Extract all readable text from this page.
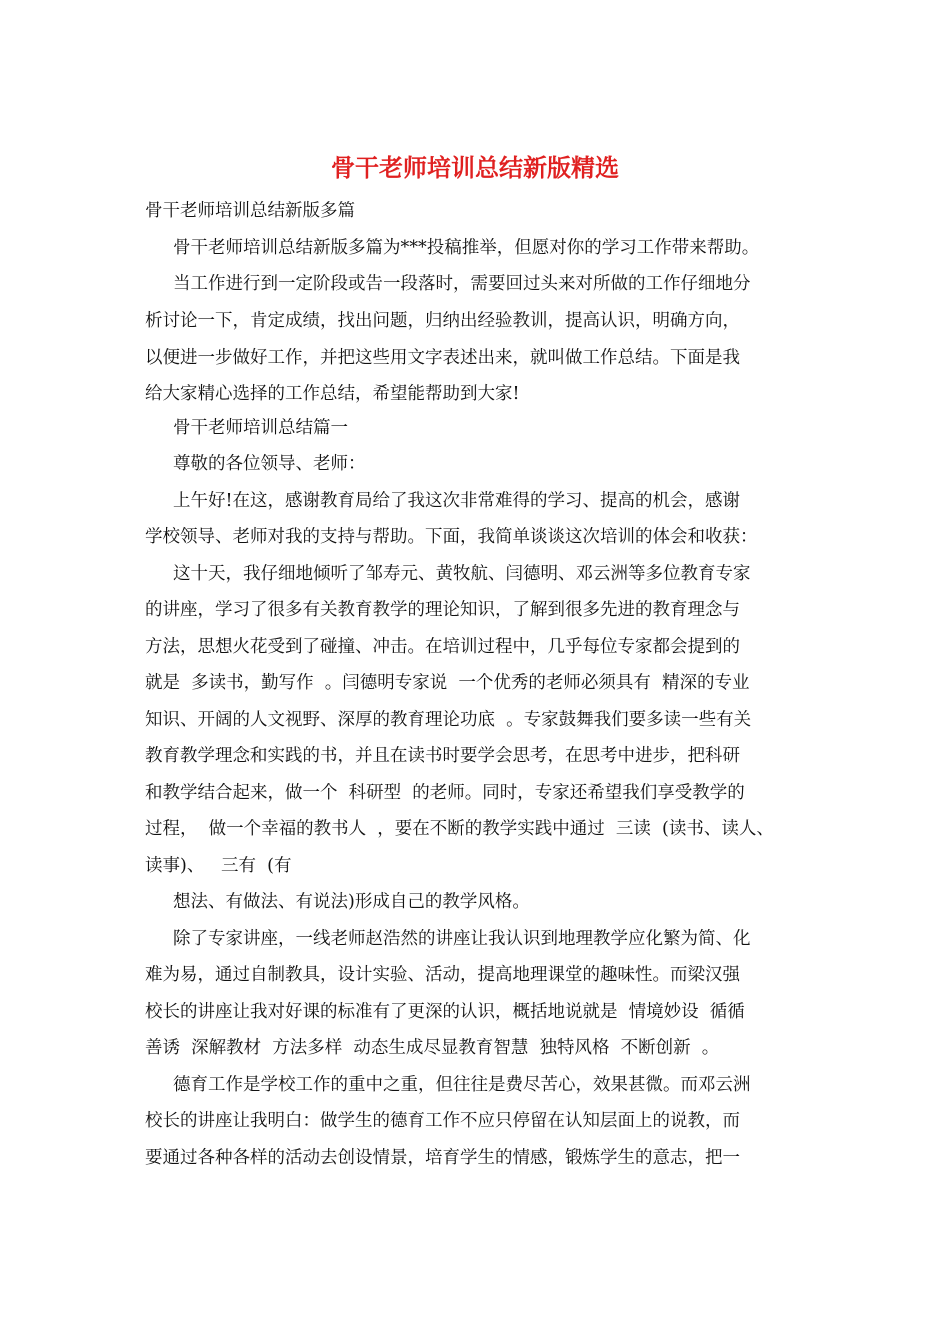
骨干老师培训总结新版精选
骨干老师培训总结新版多篇
骨干老师培训总结新版多篇为***投稿推举，但愿对你的学习工作带来帮助。
当工作进行到一定阶段或告一段落时，需要回过头来对所做的工作仔细地分
析讨论一下，肯定成绩，找出问题，归纳出经验教训，提高认识，明确方向，
以便进一步做好工作，并把这些用文字表述出来，就叫做工作总结。下面是我
给大家精心选择的工作总结，希望能帮助到大家!
骨干老师培训总结篇一
尊敬的各位领导、老师：
上午好!在这，感谢教育局给了我这次非常难得的学习、提高的机会，感谢
学校领导、老师对我的支持与帮助。下面，我简单谈谈这次培训的体会和收获：
这十天，我仔细地倾听了邹寿元、黄牧航、闫德明、邓云洲等多位教育专家
的讲座，学习了很多有关教育教学的理论知识，了解到很多先进的教育理念与
方法，思想火花受到了碰撞、冲击。在培训过程中，几乎每位专家都会提到的
就是  多读书，勤写作  。闫德明专家说  一个优秀的老师必须具有  精深的专业
知识、开阔的人文视野、深厚的教育理论功底  。专家鼓舞我们要多读一些有关
教育教学理念和实践的书，并且在读书时要学会思考，在思考中进步，把科研
和教学结合起来，做一个  科研型  的老师。同时，专家还希望我们享受教学的
过程，  做一个幸福的教书人  ，要在不断的教学实践中通过  三读  (读书、读人、
读事)、   三有  (有
想法、有做法、有说法)形成自己的教学风格。
除了专家讲座，一线老师赵浩然的讲座让我认识到地理教学应化繁为简、化
难为易，通过自制教具，设计实验、活动，提高地理课堂的趣味性。而梁汉强
校长的讲座让我对好课的标准有了更深的认识，概括地说就是  情境妙设  循循
善诱  深解教材  方法多样  动态生成尽显教育智慧  独特风格  不断创新  。
德育工作是学校工作的重中之重，但往往是费尽苦心，效果甚微。而邓云洲
校长的讲座让我明白：做学生的德育工作不应只停留在认知层面上的说教，而
要通过各种各样的活动去创设情景，培育学生的情感，锻炼学生的意志，把一
